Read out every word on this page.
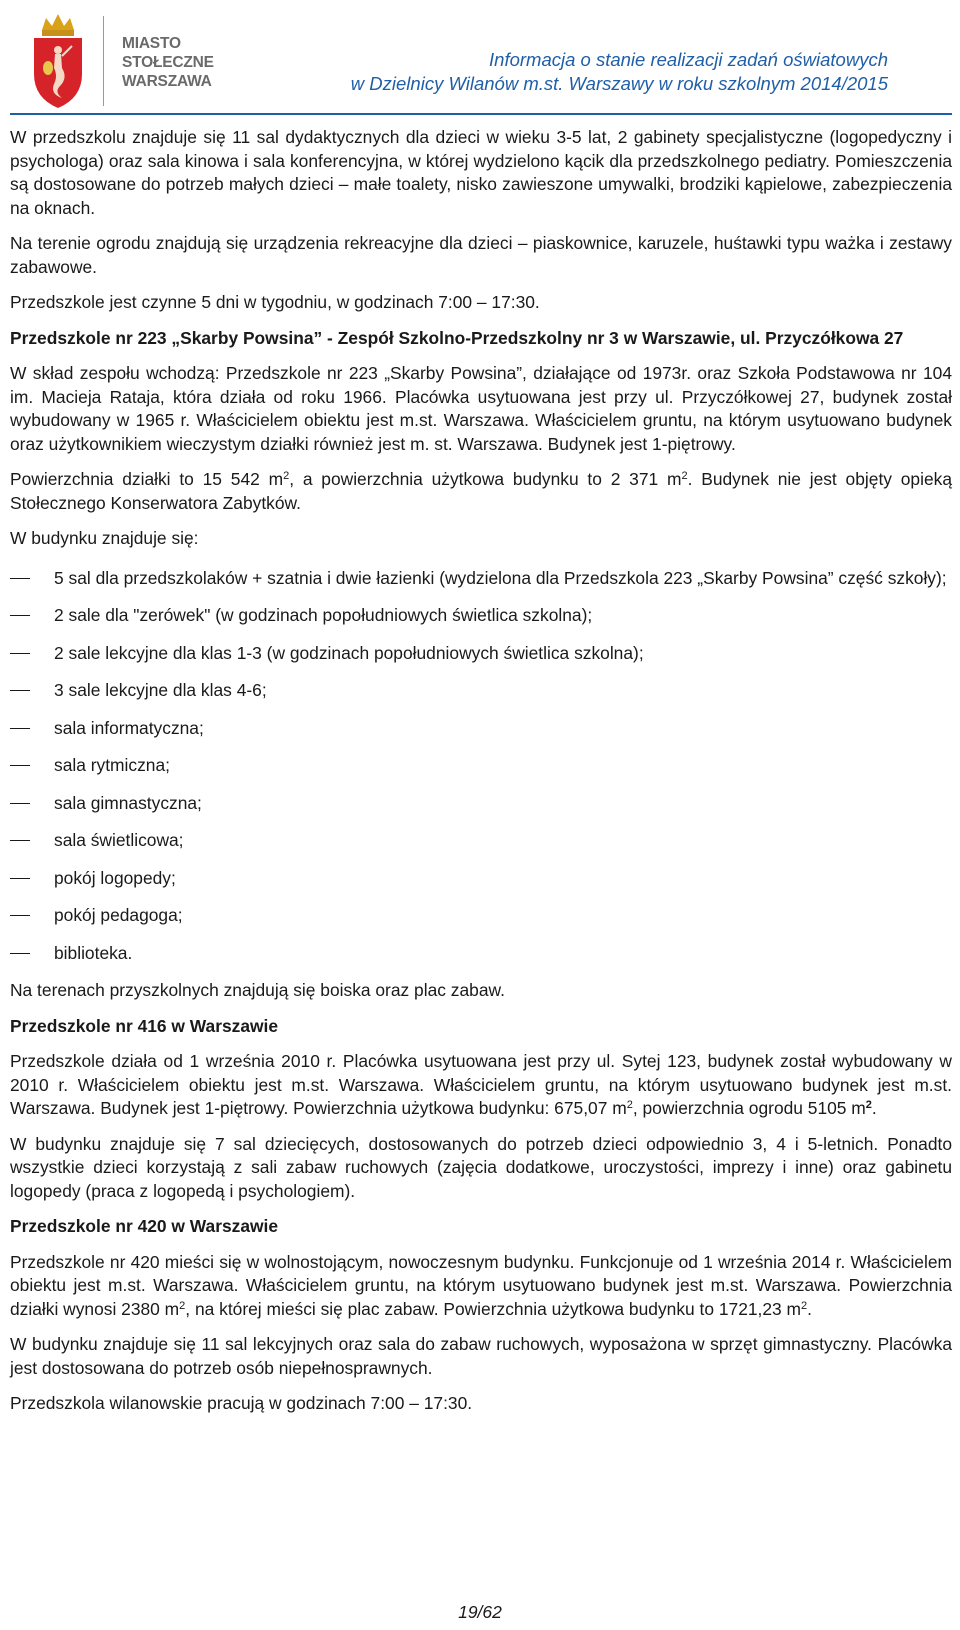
MIASTO
STOŁECZNE
WARSZAWA
Informacja o stanie realizacji zadań oświatowych
w Dzielnicy Wilanów m.st. Warszawy w roku szkolnym 2014/2015

W przedszkolu znajduje się 11 sal dydaktycznych dla dzieci w wieku 3-5 lat, 2 gabinety specjalistyczne (logopedyczny i psychologa) oraz sala kinowa i sala konferencyjna, w której wydzielono kącik dla przedszkolnego pediatry. Pomieszczenia są dostosowane do potrzeb małych dzieci – małe toalety, nisko zawieszone umywalki, brodziki kąpielowe, zabezpieczenia na oknach.

Na terenie ogrodu znajdują się urządzenia rekreacyjne dla dzieci – piaskownice, karuzele, huśtawki typu ważka i zestawy zabawowe.

Przedszkole jest czynne 5 dni w tygodniu, w godzinach 7:00 – 17:30.

Przedszkole nr 223 „Skarby Powsina” - Zespół Szkolno-Przedszkolny nr 3 w Warszawie, ul. Przyczółkowa 27

W skład zespołu wchodzą: Przedszkole nr 223 „Skarby Powsina”, działające od 1973r. oraz Szkoła Podstawowa nr 104 im. Macieja Rataja, która działa od roku 1966. Placówka usytuowana jest przy ul. Przyczółkowej 27, budynek został wybudowany w 1965 r. Właścicielem obiektu jest m.st. Warszawa. Właścicielem gruntu, na którym usytuowano budynek oraz użytkownikiem wieczystym działki również jest m. st. Warszawa. Budynek jest 1-piętrowy.

Powierzchnia działki to 15 542 $m^2$, a powierzchnia użytkowa budynku to 2 371 $m^2$. Budynek nie jest objęty opieką Stołecznego Konserwatora Zabytków.

W budynku znajduje się:

5 sal dla przedszkolaków + szatnia i dwie łazienki (wydzielona dla Przedszkola 223 „Skarby Powsina” część szkoły);
2 sale dla "zerówek" (w godzinach popołudniowych świetlica szkolna);
2 sale lekcyjne dla klas 1-3 (w godzinach popołudniowych świetlica szkolna);
3 sale lekcyjne dla klas 4-6;
sala informatyczna;
sala rytmiczna;
sala gimnastyczna;
sala świetlicowa;
pokój logopedy;
pokój pedagoga;
biblioteka.

Na terenach przyszkolnych znajdują się boiska oraz plac zabaw.

Przedszkole nr 416 w Warszawie

Przedszkole działa od 1 września 2010 r. Placówka usytuowana jest przy ul. Sytej 123, budynek został wybudowany w 2010 r. Właścicielem obiektu jest m.st. Warszawa. Właścicielem gruntu, na którym usytuowano budynek jest m.st. Warszawa. Budynek jest 1-piętrowy. Powierzchnia użytkowa budynku: 675,07 $m^2$, powierzchnia ogrodu 5105 $m^2$.

W budynku znajduje się 7 sal dziecięcych, dostosowanych do potrzeb dzieci odpowiednio 3, 4 i 5-letnich. Ponadto wszystkie dzieci korzystają z sali zabaw ruchowych (zajęcia dodatkowe, uroczystości, imprezy i inne) oraz gabinetu logopedy (praca z logopedą i psychologiem).

Przedszkole nr 420 w Warszawie

Przedszkole nr 420 mieści się w wolnostojącym, nowoczesnym budynku. Funkcjonuje od 1 września 2014 r. Właścicielem obiektu jest m.st. Warszawa. Właścicielem gruntu, na którym usytuowano budynek jest m.st. Warszawa. Powierzchnia działki wynosi 2380 $m^2$, na której mieści się plac zabaw. Powierzchnia użytkowa budynku to 1721,23 $m^2$.

W budynku znajduje się 11 sal lekcyjnych oraz sala do zabaw ruchowych, wyposażona w sprzęt gimnastyczny. Placówka jest dostosowana do potrzeb osób niepełnosprawnych.

Przedszkola wilanowskie pracują w godzinach 7:00 – 17:30.

19/62
